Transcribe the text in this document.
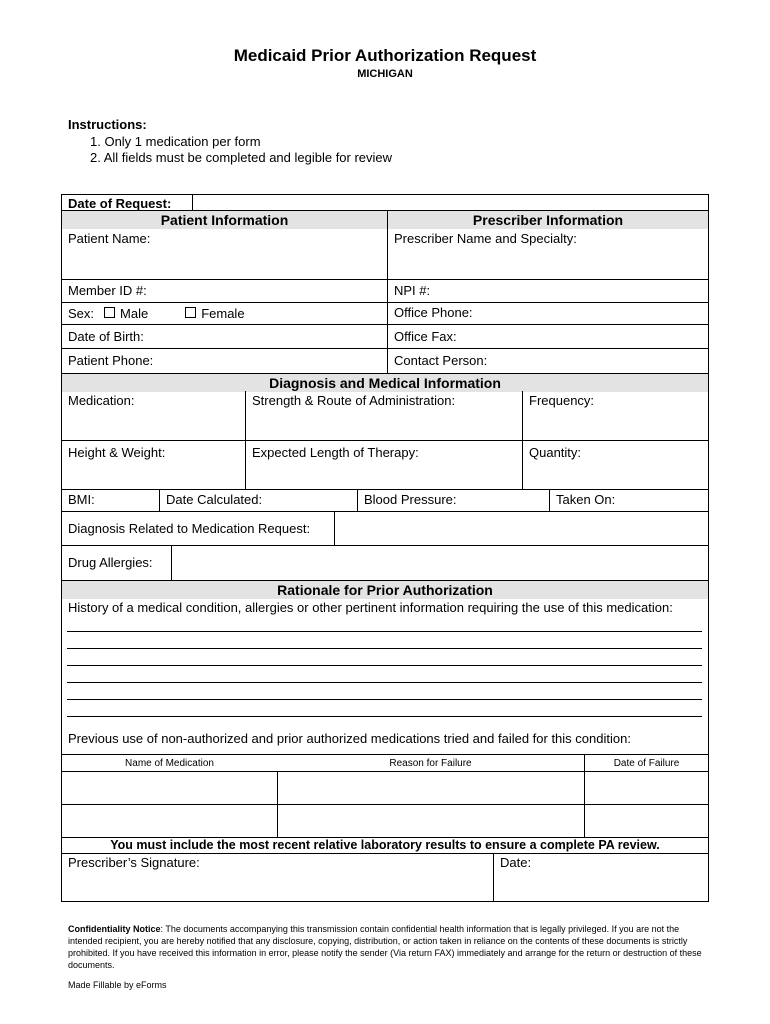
Medicaid Prior Authorization Request
MICHIGAN
Instructions:
1. Only 1 medication per form
2. All fields must be completed and legible for review
Date of Request:
Patient Information	Prescriber Information
Patient Name:	Prescriber Name and Specialty:
Member ID #:	NPI #:
Sex: Male	Female	Office Phone:
Date of Birth:	Office Fax:
Patient Phone:	Contact Person:
Diagnosis and Medical Information
Medication:	Strength & Route of Administration:	Frequency:
Height & Weight:	Expected Length of Therapy:	Quantity:
BMI:	Date Calculated:	Blood Pressure:	Taken On:
Diagnosis Related to Medication Request:
Drug Allergies:
Rationale for Prior Authorization
History of a medical condition, allergies or other pertinent information requiring the use of this medication:
Previous use of non-authorized and prior authorized medications tried and failed for this condition:
Name of Medication	Reason for Failure	Date of Failure
You must include the most recent relative laboratory results to ensure a complete PA review.
Prescriber’s Signature:	Date:
Confidentiality Notice: The documents accompanying this transmission contain confidential health information that is legally privileged. If you are not the intended recipient, you are hereby notified that any disclosure, copying, distribution, or action taken in reliance on the contents of these documents is strictly prohibited. If you have received this information in error, please notify the sender (Via return FAX) immediately and arrange for the return or destruction of these documents.
Made Fillable by eForms
